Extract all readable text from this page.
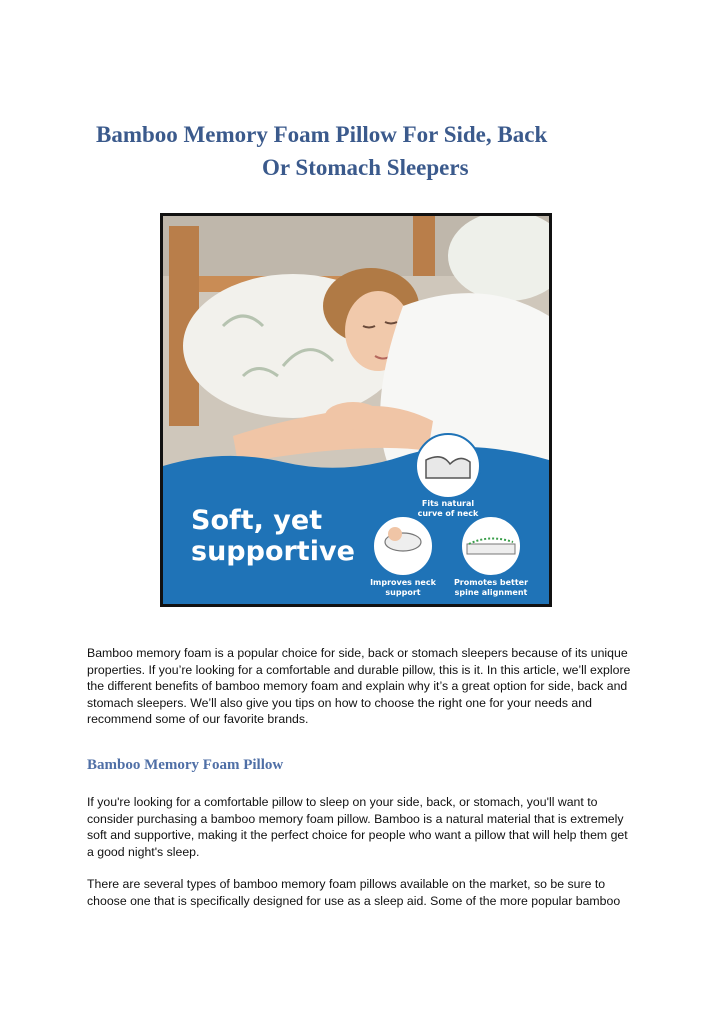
Bamboo Memory Foam Pillow For Side, Back
Or Stomach Sleepers
Soft, yet
supportive
Fits natural
curve of neck
Improves neck
support
Promotes better
spine alignment

Bamboo memory foam is a popular choice for side, back or stomach sleepers because of its unique properties. If you’re looking for a comfortable and durable pillow, this is it. In this article, we’ll explore the different benefits of bamboo memory foam and explain why it’s a great option for side, back and stomach sleepers. We’ll also give you tips on how to choose the right one for your needs and recommend some of our favorite brands.

Bamboo Memory Foam Pillow

If you're looking for a comfortable pillow to sleep on your side, back, or stomach, you'll want to consider purchasing a bamboo memory foam pillow. Bamboo is a natural material that is extremely soft and supportive, making it the perfect choice for people who want a pillow that will help them get a good night's sleep.

There are several types of bamboo memory foam pillows available on the market, so be sure to choose one that is specifically designed for use as a sleep aid. Some of the more popular bamboo
